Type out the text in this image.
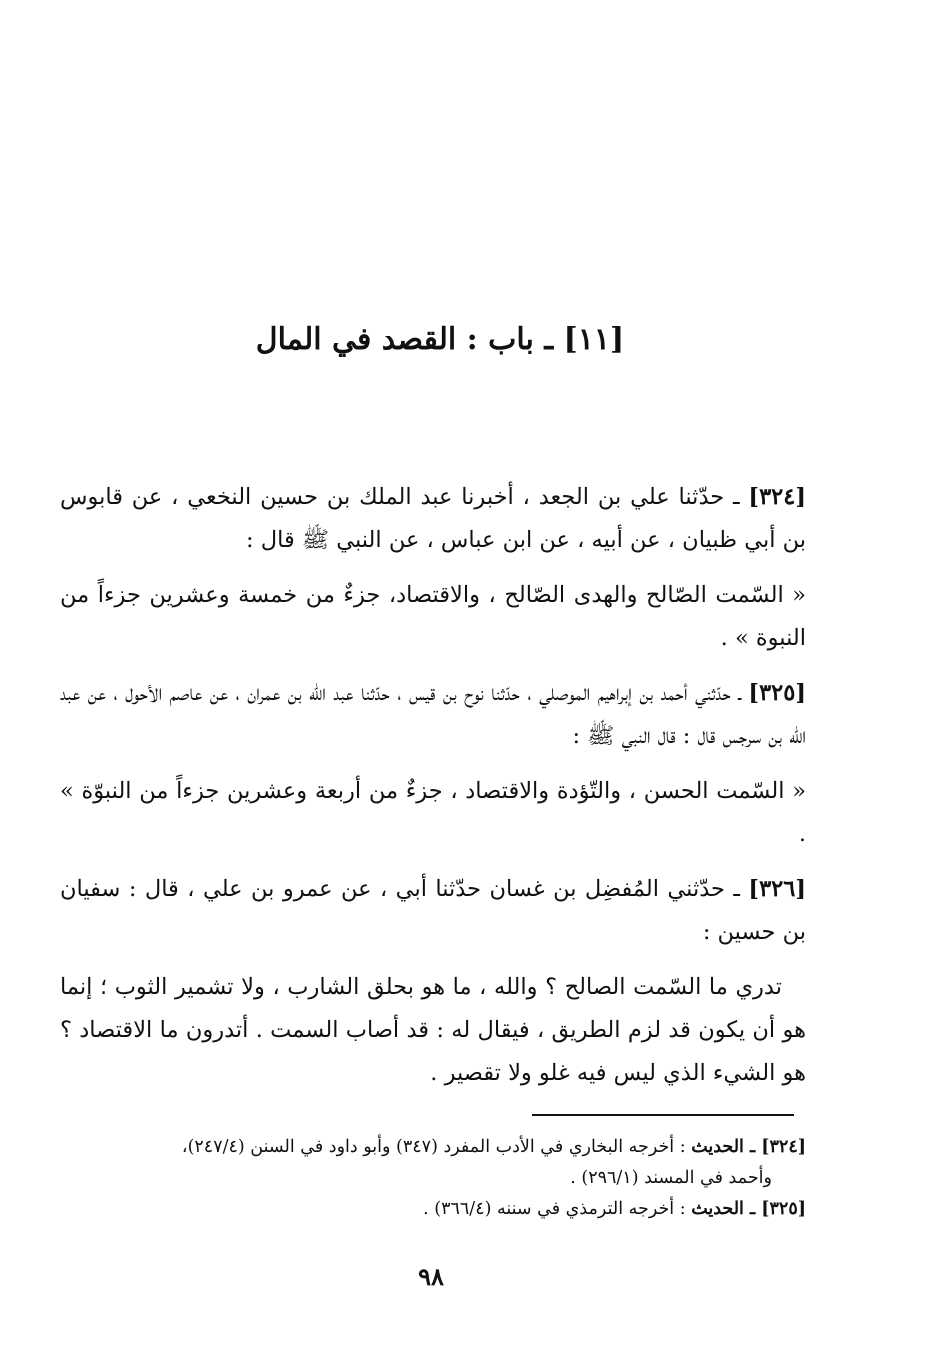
[١١] ـ باب : القصد في المال

[٣٢٤] ـ حدّثنا علي بن الجعد ، أخبرنا عبد الملك بن حسين النخعي ، عن قابوس بن أبي ظبيان ، عن أبيه ، عن ابن عباس ، عن النبي ﷺ قال :

« السّمت الصّالح والهدى الصّالح ، والاقتصاد، جزءٌ من خمسة وعشرين جزءاً من النبوة » .

[٣٢٥] ـ حدّثني أحمد بن إبراهيم الموصلي ، حدّثنا نوح بن قيس ، حدّثنا عبد الله بن عمران ، عن عاصم الأحول ، عن عبد الله بن سرجس قال : قال النبي ﷺ :

« السّمت الحسن ، والتّؤدة والاقتصاد ، جزءٌ من أربعة وعشرين جزءاً من النبوّة » .

[٣٢٦] ـ حدّثني المُفضِل بن غسان حدّثنا أبي ، عن عمرو بن علي ، قال : سفيان بن حسين :

تدري ما السّمت الصالح ؟ والله ، ما هو بحلق الشارب ، ولا تشمير الثوب ؛ إنما هو أن يكون قد لزم الطريق ، فيقال له : قد أصاب السمت . أتدرون ما الاقتصاد ؟ هو الشيء الذي ليس فيه غلو ولا تقصير .

[٣٢٤] ـ الحديث : أخرجه البخاري في الأدب المفرد (٣٤٧) وأبو داود في السنن (٢٤٧/٤)،

وأحمد في المسند (٢٩٦/١) .

[٣٢٥] ـ الحديث : أخرجه الترمذي في سننه (٣٦٦/٤) .

٩٨
